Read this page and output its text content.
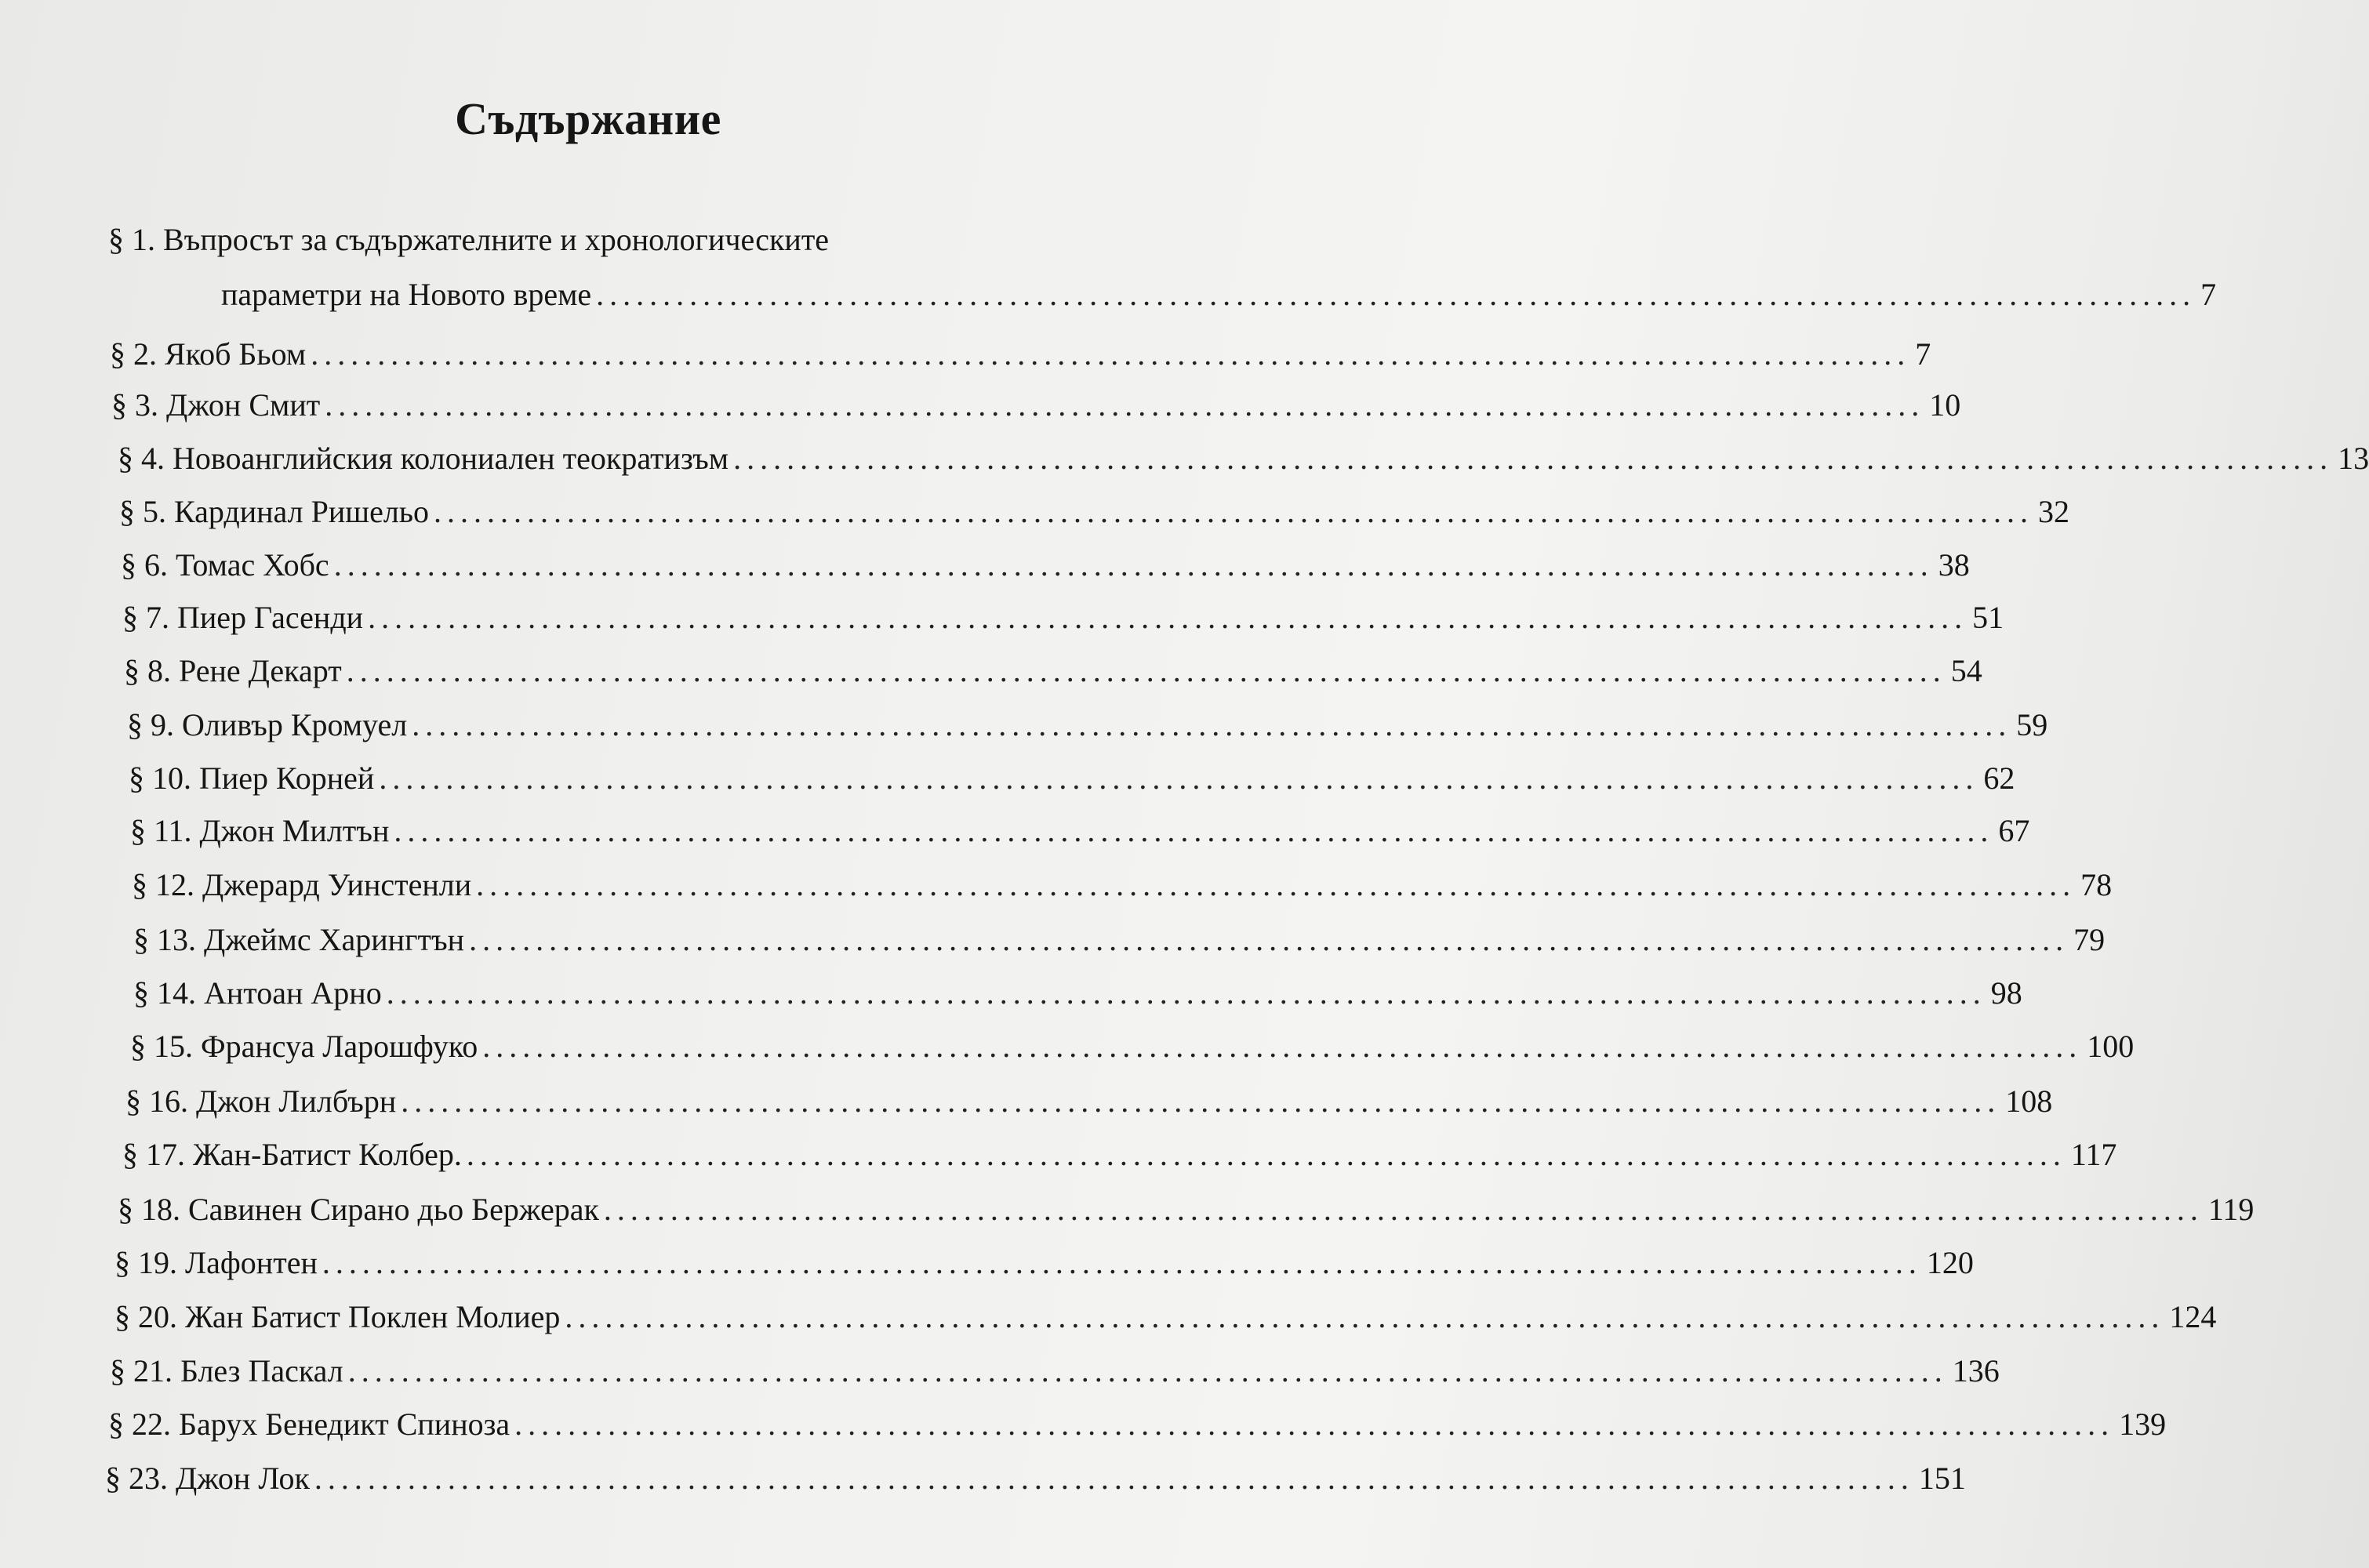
Съдържание
§ 1. Въпросът за съдържателните и хронологическите
параметри на Новото време ........................................................................................................................ 7
§ 2. Якоб Бьом ........................................................................................................................ 7
§ 3. Джон Смит ........................................................................................................................ 10
§ 4. Новоанглийския колониален теократизъм ........................................................................................................................ 13
§ 5. Кардинал Ришельо ........................................................................................................................ 32
§ 6. Томас Хобс ........................................................................................................................ 38
§ 7. Пиер Гасенди ........................................................................................................................ 51
§ 8. Рене Декарт ........................................................................................................................ 54
§ 9. Оливър Кромуел ........................................................................................................................ 59
§ 10. Пиер Корней ........................................................................................................................ 62
§ 11. Джон Милтън ........................................................................................................................ 67
§ 12. Джерард Уинстенли ........................................................................................................................ 78
§ 13. Джеймс Харингтън ........................................................................................................................ 79
§ 14. Антоан Арно ........................................................................................................................ 98
§ 15. Франсуа Ларошфуко ........................................................................................................................ 100
§ 16. Джон Лилбърн ........................................................................................................................ 108
§ 17. Жан-Батист Колбер. ........................................................................................................................ 117
§ 18. Савинен Сирано дьо Бержерак ........................................................................................................................ 119
§ 19. Лафонтен ........................................................................................................................ 120
§ 20. Жан Батист Поклен Молиер ........................................................................................................................ 124
§ 21. Блез Паскал ........................................................................................................................ 136
§ 22. Барух Бенедикт Спиноза ........................................................................................................................ 139
§ 23. Джон Лок ........................................................................................................................ 151
